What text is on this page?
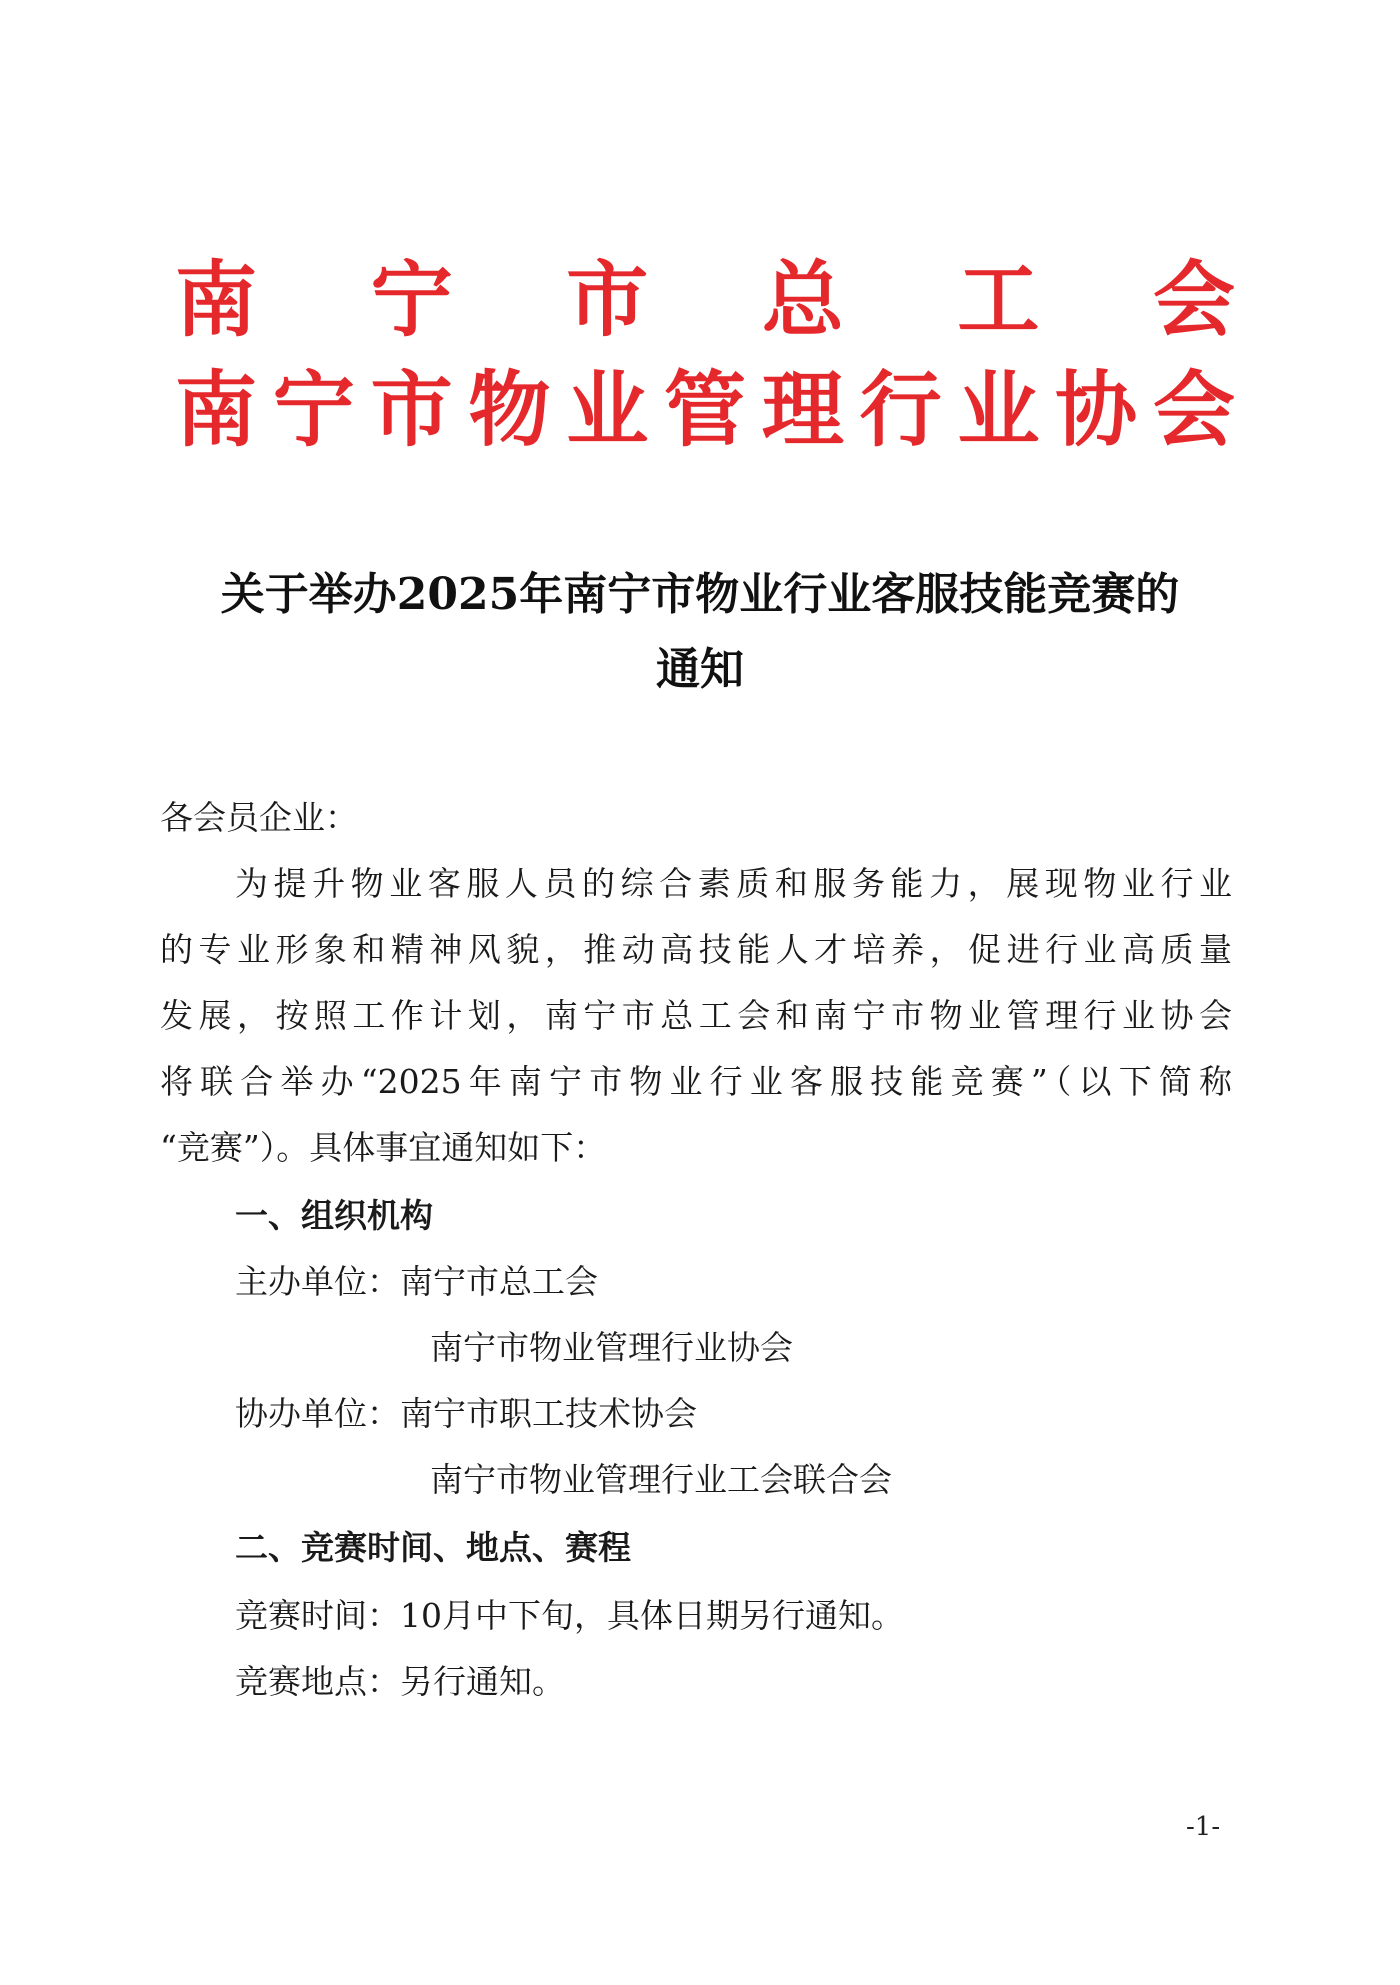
南 宁 市 总 工 会
南 宁 市 物 业 管 理 行 业 协 会
关于举办2025年南宁市物业行业客服技能竞赛的
通知
各会员企业：
为提升物业客服人员的综合素质和服务能力，展现物业行业
的专业形象和精神风貌，推动高技能人才培养，促进行业高质量
发展，按照工作计划，南宁市总工会和南宁市物业管理行业协会
将联合举办“2025年南宁市物业行业客服技能竞赛”（以下简称
“竞赛”）。具体事宜通知如下：
一、组织机构
主办单位：南宁市总工会
南宁市物业管理行业协会
协办单位：南宁市职工技术协会
南宁市物业管理行业工会联合会
二、竞赛时间、地点、赛程
竞赛时间：10月中下旬，具体日期另行通知。
竞赛地点：另行通知。
-1-
